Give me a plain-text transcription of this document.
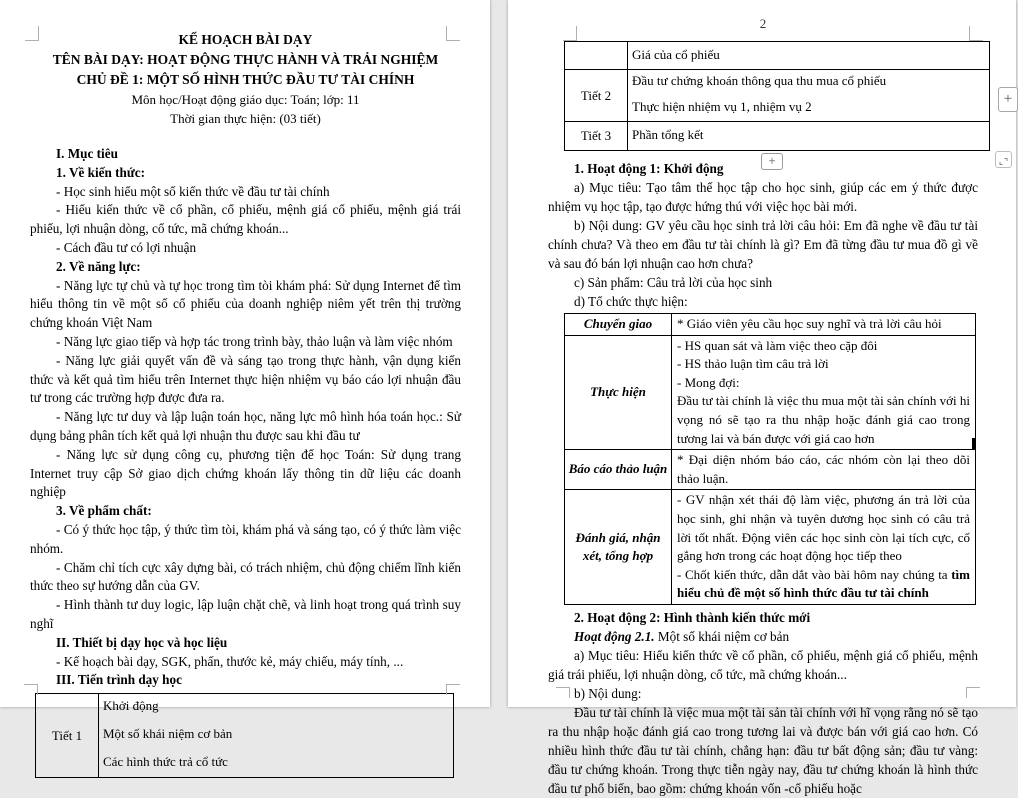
KẾ HOẠCH BÀI DẠY
TÊN BÀI DẠY: HOẠT ĐỘNG THỰC HÀNH VÀ TRẢI NGHIỆM
CHỦ ĐỀ 1: MỘT SỐ HÌNH THỨC ĐẦU TƯ TÀI CHÍNH
Môn học/Hoạt động giáo dục: Toán; lớp: 11
Thời gian thực hiện: (03 tiết)

I. Mục tiêu

1. Về kiến thức:

- Học sinh hiểu một số kiến thức về đầu tư tài chính

- Hiểu kiến thức về cổ phần, cổ phiếu, mệnh giá cổ phiếu, mệnh giá trái phiếu, lợi nhuận dòng, cổ tức, mã chứng khoán...

- Cách đầu tư có lợi nhuận

2. Về năng lực:

- Năng lực tự chủ và tự học trong tìm tòi khám phá: Sử dụng Internet để tìm hiểu thông tin về một số cổ phiếu của doanh nghiệp niêm yết trên thị trường chứng khoán Việt Nam

- Năng lực giao tiếp và hợp tác trong trình bày, thảo luận và làm việc nhóm

- Năng lực giải quyết vấn đề và sáng tạo trong thực hành, vận dụng kiến thức và kết quả tìm hiểu trên Internet thực hiện nhiệm vụ báo cáo lợi nhuận đầu tư trong các trường hợp được đưa ra.

- Năng lực tư duy và lập luận toán học, năng lực mô hình hóa toán học.: Sử dụng bảng phân tích kết quả lợi nhuận thu được sau khi đầu tư

- Năng lực sử dụng công cụ, phương tiện để học Toán: Sử dụng trang Internet truy cập Sở giao dịch chứng khoán lấy thông tin dữ liệu các doanh nghiệp

3. Về phẩm chất:

- Có ý thức học tập, ý thức tìm tòi, khám phá và sáng tạo, có ý thức làm việc nhóm.

- Chăm chỉ tích cực xây dựng bài, có trách nhiệm, chủ động chiếm lĩnh kiến thức theo sự hướng dẫn của GV.

- Hình thành tư duy logic, lập luận chặt chẽ, và linh hoạt trong quá trình suy nghĩ

II. Thiết bị dạy học và học liệu

- Kế hoạch bài dạy, SGK, phấn, thước kẻ, máy chiếu, máy tính, ...

III. Tiến trình dạy học

Tiết 1	
Khởi động
Một số khái niệm cơ bản
Các hình thức trả cổ tức
+
2

	Giá của cổ phiếu

Tiết 2	Đầu tư chứng khoán thông qua thu mua cổ phiếu
Thực hiện nhiệm vụ 1, nhiệm vụ 2

Tiết 3	Phần tổng kết

1. Hoạt động 1: Khởi động

a) Mục tiêu: Tạo tâm thế học tập cho học sinh, giúp các em ý thức được nhiệm vụ học tập, tạo được hứng thú với việc học bài mới.

b) Nội dung: GV yêu cầu học sinh trả lời câu hỏi: Em đã nghe về đầu tư tài chính chưa? Và theo em đầu tư tài chính là gì? Em đã từng đầu tư mua đồ gì về và sau đó bán lợi nhuận cao hơn chưa?

c) Sản phẩm: Câu trả lời của học sinh

d) Tổ chức thực hiện:

Chuyển giao	* Giáo viên yêu cầu học suy nghĩ và trả lời câu hỏi

Thực hiện	- HS quan sát và làm việc theo cặp đôi
- HS thảo luận tìm câu trả lời
- Mong đợi:
Đầu tư tài chính là việc thu mua một tài sản chính với hi vọng nó sẽ tạo ra thu nhập hoặc đánh giá cao trong tương lai và bán được với giá cao hơn

Báo cáo thảo luận	* Đại diện nhóm báo cáo, các nhóm còn lại theo dõi thảo luận.

Đánh giá, nhận xét, tổng hợp	- GV nhận xét thái độ làm việc, phương án trả lời của học sinh, ghi nhận và tuyên dương học sinh có câu trả lời tốt nhất. Động viên các học sinh còn lại tích cực, cố gắng hơn trong các hoạt động học tiếp theo
- Chốt kiến thức, dẫn dắt vào bài hôm nay chúng ta tìm hiểu chủ đề một số hình thức đầu tư tài chính

2. Hoạt động 2: Hình thành kiến thức mới

Hoạt động 2.1. Một số khái niệm cơ bản

a) Mục tiêu: Hiểu kiến thức về cổ phần, cổ phiếu, mệnh giá cổ phiếu, mệnh giá trái phiếu, lợi nhuận dòng, cổ tức, mã chứng khoán...

b) Nội dung:

Đầu tư tài chính là việc mua một tài sản tài chính với hĩ vọng rằng nó sẽ tạo ra thu nhập hoặc đánh giá cao trong tương lai và được bán với giá cao hơn. Có nhiều hình thức đầu tư tài chính, chẳng hạn: đầu tư bất động sản; đầu tư vàng: đầu tư chứng khoán. Trong thực tiễn ngày nay, đầu tư chứng khoán là hình thức đầu tư phổ biến, bao gồm: chứng khoán vốn -cổ phiếu hoặc

+
